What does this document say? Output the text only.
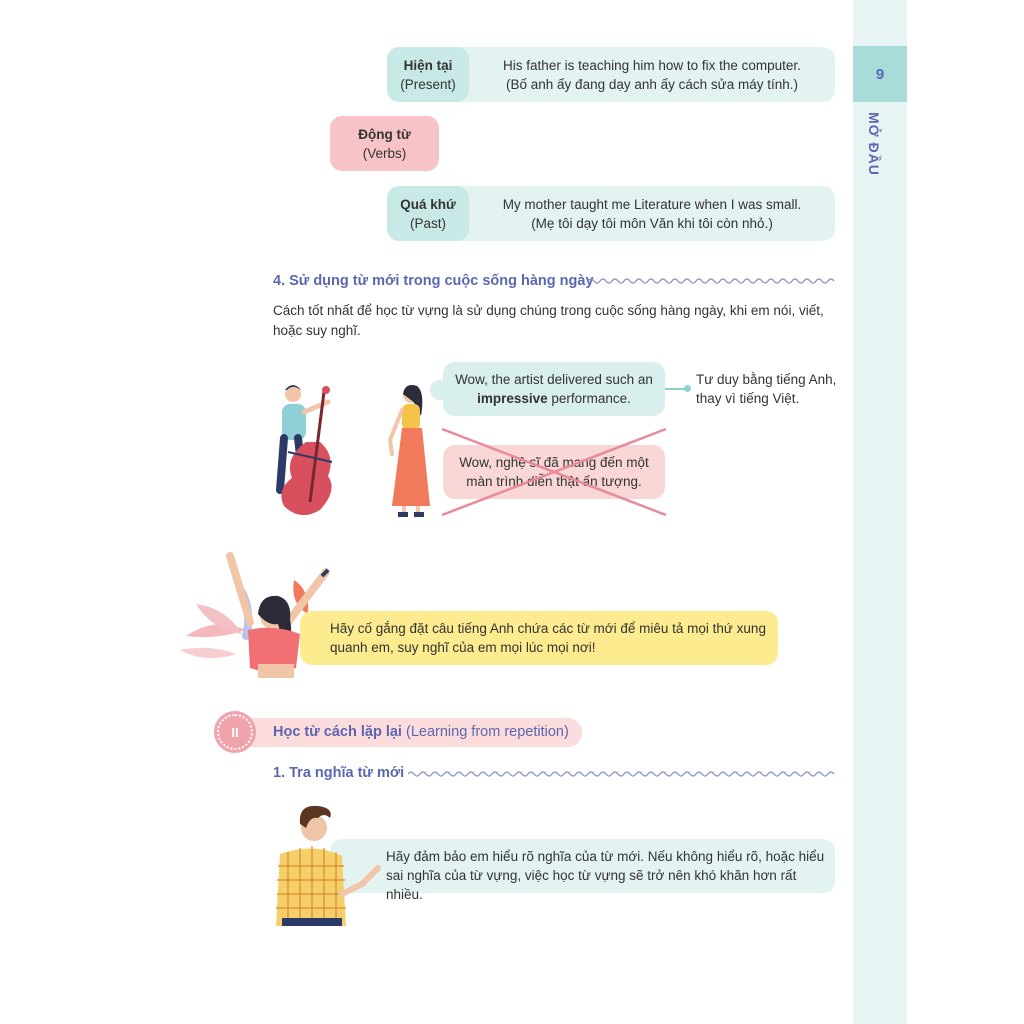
9
MỞ ĐẦU
Hiện tại
(Present)
His father is teaching him how to fix the computer.
(Bố anh ấy đang dạy anh ấy cách sửa máy tính.)
Động từ
(Verbs)
Quá khứ
(Past)
My mother taught me Literature when I was small.
(Mẹ tôi dạy tôi môn Văn khi tôi còn nhỏ.)
4. Sử dụng từ mới trong cuộc sống hàng ngày
Cách tốt nhất để học từ vựng là sử dụng chúng trong cuộc sống hàng ngày, khi em nói, viết, hoặc suy nghĩ.
Wow, the artist delivered such an
impressive performance.
Tư duy bằng tiếng Anh, thay vì tiếng Việt.
Wow, nghệ sĩ đã mang đến một
màn trình diễn thật ấn tượng.
Hãy cố gắng đặt câu tiếng Anh chứa các từ mới để miêu tả mọi thứ xung quanh em, suy nghĩ của em mọi lúc mọi nơi!
II	Học từ cách lặp lại (Learning from repetition)
1. Tra nghĩa từ mới
Hãy đảm bảo em hiểu rõ nghĩa của từ mới. Nếu không hiểu rõ, hoặc hiểu sai nghĩa của từ vựng, việc học từ vựng sẽ trở nên khó khăn hơn rất nhiều.
